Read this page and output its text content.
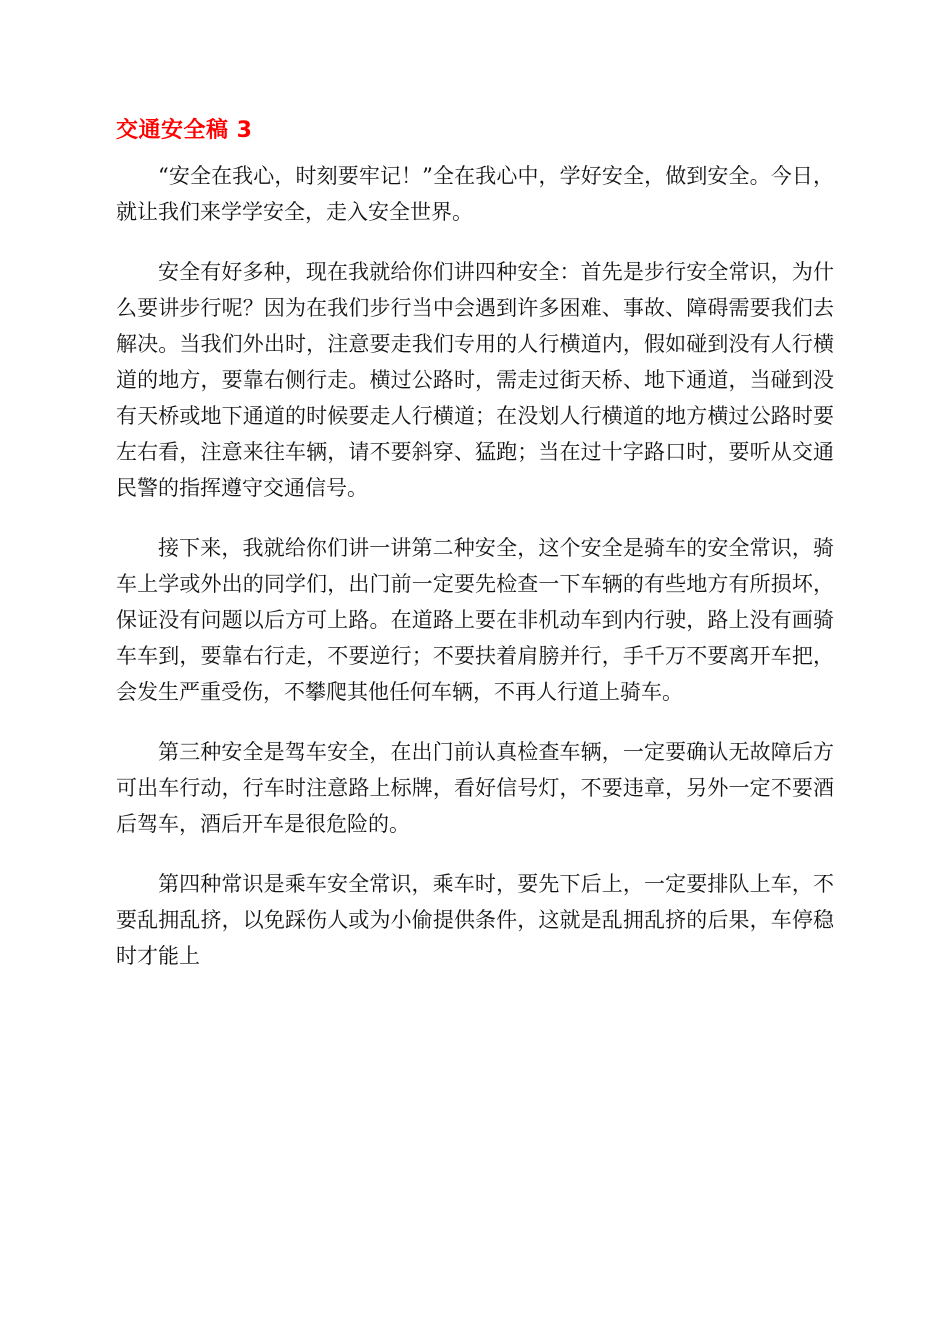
交通安全稿 3

“安全在我心，时刻要牢记！”全在我心中，学好安全，做到安全。今日，就让我们来学学安全，走入安全世界。

安全有好多种，现在我就给你们讲四种安全：首先是步行安全常识，为什么要讲步行呢？因为在我们步行当中会遇到许多困难、事故、障碍需要我们去解决。当我们外出时，注意要走我们专用的人行横道内，假如碰到没有人行横道的地方，要靠右侧行走。横过公路时，需走过街天桥、地下通道，当碰到没有天桥或地下通道的时候要走人行横道；在没划人行横道的地方横过公路时要左右看，注意来往车辆，请不要斜穿、猛跑；当在过十字路口时，要听从交通民警的指挥遵守交通信号。

接下来，我就给你们讲一讲第二种安全，这个安全是骑车的安全常识，骑车上学或外出的同学们，出门前一定要先检查一下车辆的有些地方有所损坏，保证没有问题以后方可上路。在道路上要在非机动车到内行驶，路上没有画骑车车到，要靠右行走，不要逆行；不要扶着肩膀并行，手千万不要离开车把，会发生严重受伤，不攀爬其他任何车辆，不再人行道上骑车。

第三种安全是驾车安全，在出门前认真检查车辆，一定要确认无故障后方可出车行动，行车时注意路上标牌，看好信号灯，不要违章，另外一定不要酒后驾车，酒后开车是很危险的。

第四种常识是乘车安全常识，乘车时，要先下后上，一定要排队上车，不要乱拥乱挤，以免踩伤人或为小偷提供条件，这就是乱拥乱挤的后果，车停稳时才能上
